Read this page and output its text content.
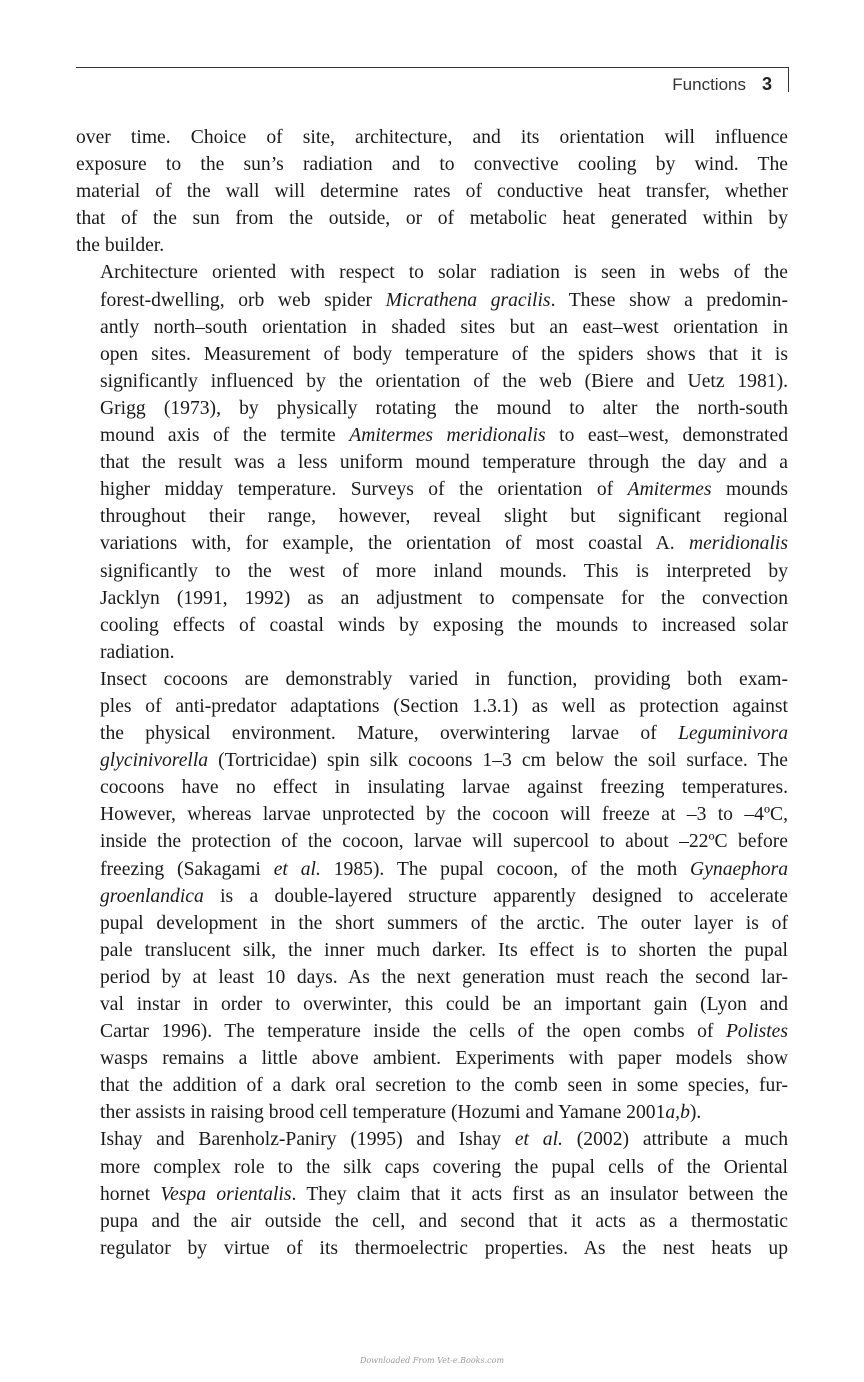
Functions 3

over time. Choice of site, architecture, and its orientation will influence
exposure to the sun’s radiation and to convective cooling by wind. The
material of the wall will determine rates of conductive heat transfer, whether
that of the sun from the outside, or of metabolic heat generated within by
the builder.

Architecture oriented with respect to solar radiation is seen in webs of the
forest-dwelling, orb web spider Micrathena gracilis. These show a predomin-
antly north–south orientation in shaded sites but an east–west orientation in
open sites. Measurement of body temperature of the spiders shows that it is
significantly influenced by the orientation of the web (Biere and Uetz 1981).
Grigg (1973), by physically rotating the mound to alter the north-south
mound axis of the termite Amitermes meridionalis to east–west, demonstrated
that the result was a less uniform mound temperature through the day and a
higher midday temperature. Surveys of the orientation of Amitermes mounds
throughout their range, however, reveal slight but significant regional
variations with, for example, the orientation of most coastal A. meridionalis
significantly to the west of more inland mounds. This is interpreted by
Jacklyn (1991, 1992) as an adjustment to compensate for the convection
cooling effects of coastal winds by exposing the mounds to increased solar
radiation.

Insect cocoons are demonstrably varied in function, providing both exam-
ples of anti-predator adaptations (Section 1.3.1) as well as protection against
the physical environment. Mature, overwintering larvae of Leguminivora
glycinivorella (Tortricidae) spin silk cocoons 1–3 cm below the soil surface. The
cocoons have no effect in insulating larvae against freezing temperatures.
However, whereas larvae unprotected by the cocoon will freeze at –3 to –4ºC,
inside the protection of the cocoon, larvae will supercool to about –22ºC before
freezing (Sakagami et al. 1985). The pupal cocoon, of the moth Gynaephora
groenlandica is a double-layered structure apparently designed to accelerate
pupal development in the short summers of the arctic. The outer layer is of
pale translucent silk, the inner much darker. Its effect is to shorten the pupal
period by at least 10 days. As the next generation must reach the second lar-
val instar in order to overwinter, this could be an important gain (Lyon and
Cartar 1996). The temperature inside the cells of the open combs of Polistes
wasps remains a little above ambient. Experiments with paper models show
that the addition of a dark oral secretion to the comb seen in some species, fur-
ther assists in raising brood cell temperature (Hozumi and Yamane 2001a,b).

Ishay and Barenholz-Paniry (1995) and Ishay et al. (2002) attribute a much
more complex role to the silk caps covering the pupal cells of the Oriental
hornet Vespa orientalis. They claim that it acts first as an insulator between the
pupa and the air outside the cell, and second that it acts as a thermostatic
regulator by virtue of its thermoelectric properties. As the nest heats up

Downloaded From Vet-e.Books.com
